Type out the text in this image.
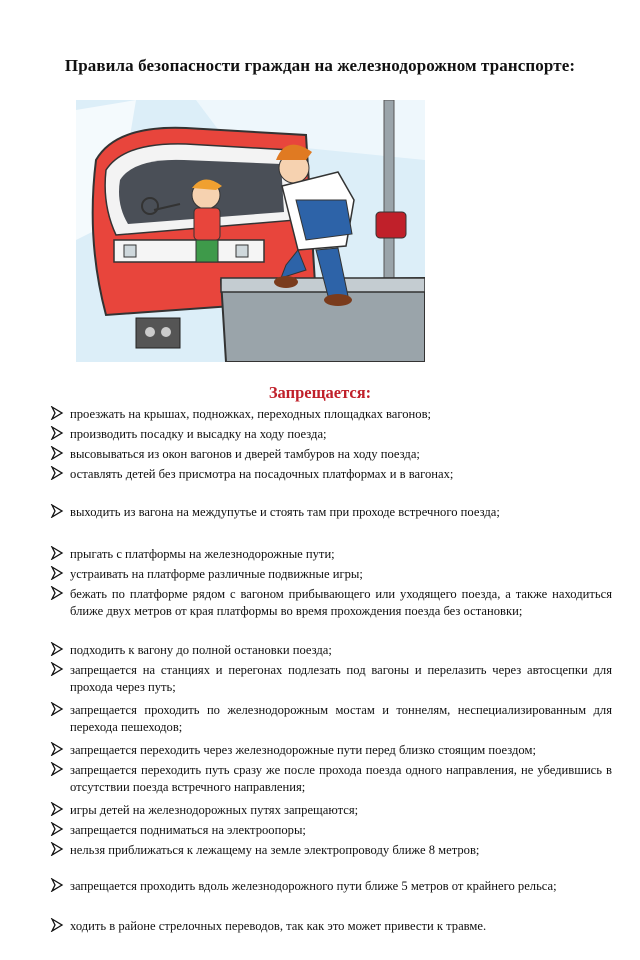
Правила безопасности граждан на железнодорожном транспорте:
Запрещается:
проезжать на крышах, подножках, переходных площадках вагонов;
производить посадку и высадку на ходу поезда;
высовываться из окон вагонов и дверей тамбуров на ходу поезда;
оставлять детей без присмотра на посадочных платформах и в вагонах;
выходить из вагона на междупутье и стоять там при проходе встречного поезда;
прыгать с платформы на железнодорожные пути;
устраивать на платформе различные подвижные игры;
бежать по платформе рядом с вагоном прибывающего или уходящего поезда, а также находиться ближе двух метров от края платформы во время прохождения поезда без остановки;
подходить к вагону до полной остановки поезда;
запрещается на станциях и перегонах подлезать под вагоны и перелазить через автосцепки для прохода через путь;
запрещается проходить по железнодорожным мостам и тоннелям, неспециализированным для перехода пешеходов;
запрещается переходить через железнодорожные пути перед близко стоящим поездом;
запрещается переходить путь сразу же после прохода поезда одного направления, не убедившись в отсутствии поезда встречного направления;
игры детей на железнодорожных путях запрещаются;
запрещается подниматься на электроопоры;
нельзя приближаться к лежащему на земле электропроводу ближе 8 метров;
запрещается проходить вдоль железнодорожного пути ближе 5 метров от крайнего рельса;
ходить в районе стрелочных переводов, так как это может привести к травме.
